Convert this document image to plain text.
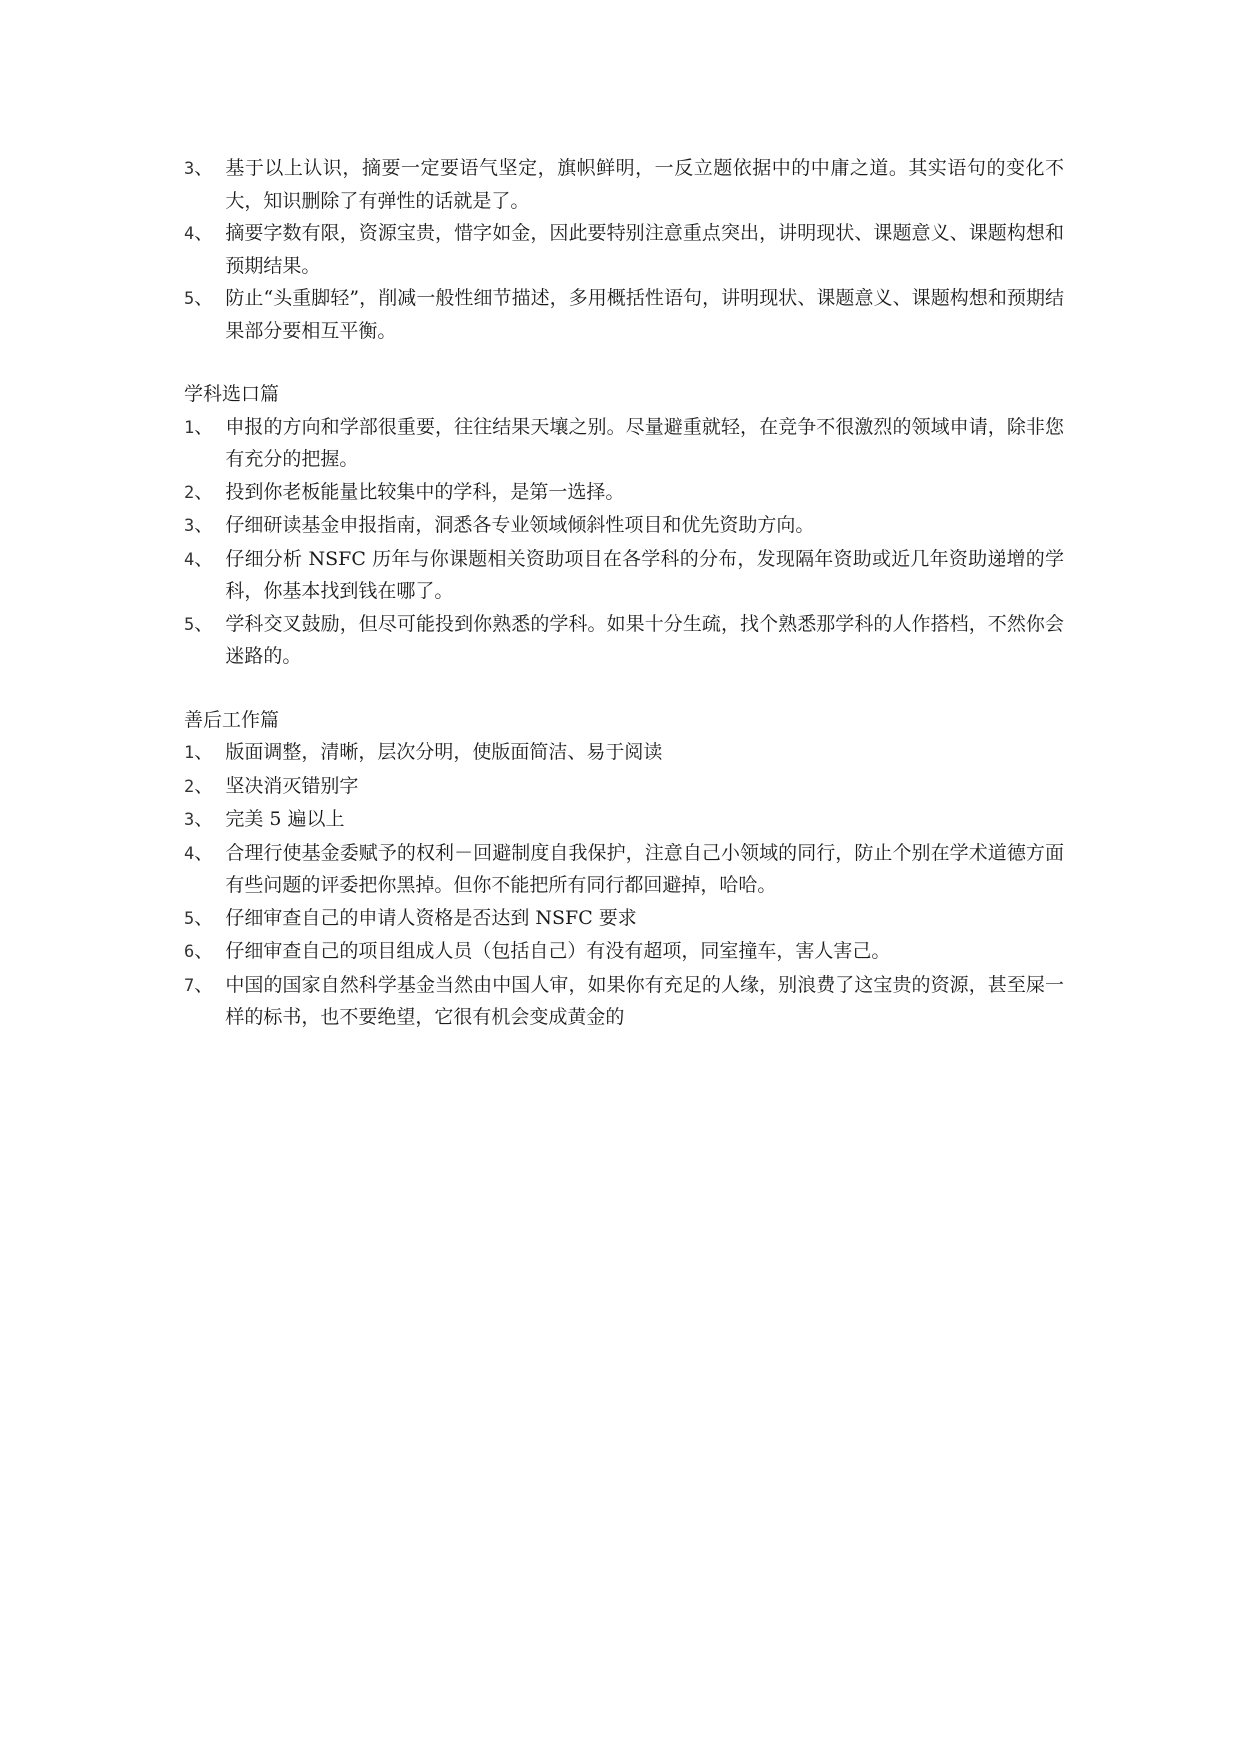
3、 基于以上认识，摘要一定要语气坚定，旗帜鲜明，一反立题依据中的中庸之道。其实语句的变化不大，知识删除了有弹性的话就是了。
4、 摘要字数有限，资源宝贵，惜字如金，因此要特别注意重点突出，讲明现状、课题意义、课题构想和预期结果。
5、 防止“头重脚轻”，削减一般性细节描述，多用概括性语句，讲明现状、课题意义、课题构想和预期结果部分要相互平衡。
学科选口篇
1、 申报的方向和学部很重要，往往结果天壤之别。尽量避重就轻，在竞争不很激烈的领域申请，除非您有充分的把握。
2、 投到你老板能量比较集中的学科，是第一选择。
3、 仔细研读基金申报指南，洞悉各专业领域倾斜性项目和优先资助方向。
4、 仔细分析 NSFC 历年与你课题相关资助项目在各学科的分布，发现隔年资助或近几年资助递增的学科，你基本找到钱在哪了。
5、 学科交叉鼓励，但尽可能投到你熟悉的学科。如果十分生疏，找个熟悉那学科的人作搭档，不然你会迷路的。
善后工作篇
1、 版面调整，清晰，层次分明，使版面简洁、易于阅读
2、 坚决消灭错别字
3、 完美 5 遍以上
4、 合理行使基金委赋予的权利－回避制度自我保护，注意自己小领域的同行，防止个别在学术道德方面有些问题的评委把你黑掉。但你不能把所有同行都回避掉，哈哈。
5、 仔细审查自己的申请人资格是否达到 NSFC 要求
6、 仔细审查自己的项目组成人员（包括自己）有没有超项，同室撞车，害人害己。
7、 中国的国家自然科学基金当然由中国人审，如果你有充足的人缘，别浪费了这宝贵的资源，甚至屎一样的标书，也不要绝望，它很有机会变成黄金的
